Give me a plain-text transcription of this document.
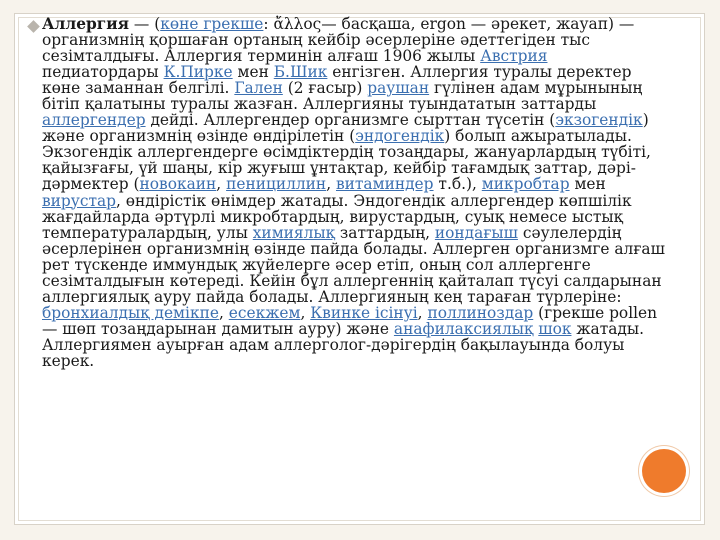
Аллергия — (көне грекше: ἄλλος— басқаша, ergon — әрекет, жауап) — организмнің қоршаған ортаның кейбір әсерлеріне әдеттегіден тыс сезімталдығы. Аллергия терминін алғаш 1906 жылы Австрия педиатордары К.Пирке мен Б.Шик енгізген. Аллергия туралы деректер көне заманнан белгілі. Гален (2 ғасыр) раушан гүлінен адам мұрынының бітіп қалатыны туралы жазған. Аллергияны туындататын заттарды аллергендер дейді. Аллергендер организмге сырттан түсетін (экзогендік) және организмнің өзінде өндірілетін (эндогендік) болып ажыратылады. Экзогендік аллергендерге өсімдіктердің тозаңдары, жануарлардың түбіті, қайызғағы, үй шаңы, кір жуғыш ұнтақтар, кейбір тағамдық заттар, дәрі-дәрмектер (новокаин, пенициллин, витаминдер т.б.), микробтар мен вирустар, өндірістік өнімдер жатады. Эндогендік аллергендер көпшілік жағдайларда әртүрлі микробтардың, вирустардың, суық немесе ыстық температуралардың, улы химиялық заттардың, иондағыш сәулелердің әсерлерінен организмнің өзінде пайда болады. Аллерген организмге алғаш рет түскенде иммундық жүйелерге әсер етіп, оның сол аллергенге сезімталдығын көтереді. Кейін бұл аллергеннің қайталап түсуі салдарынан аллергиялық ауру пайда болады. Аллергияның кең тараған түрлеріне: бронхиалдық демікпе, есекжем, Квинке ісінуі, поллиноздар (грекше pollen — шөп тозаңдарынан дамитын ауру) және анафилаксиялық шок жатады. Аллергиямен ауырған адам аллерголог-дәрігердің бақылауында болуы керек.
